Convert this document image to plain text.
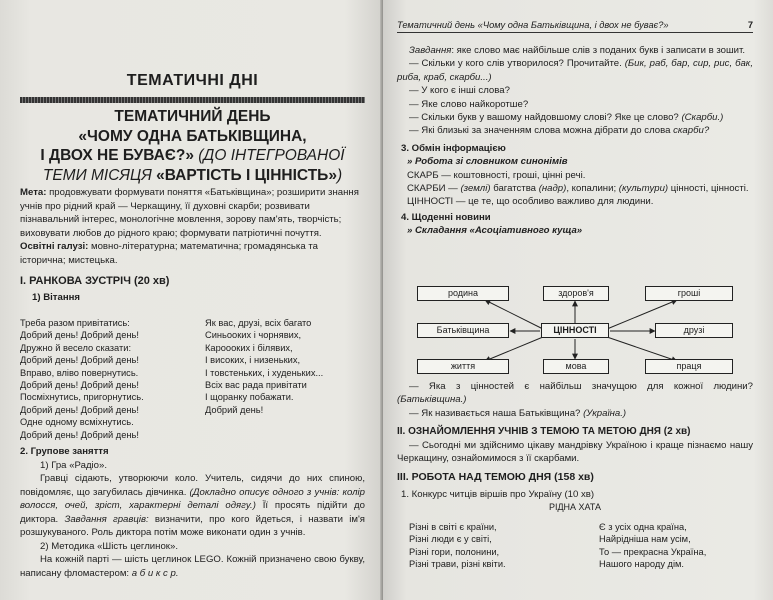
ТЕМАТИЧНІ ДНІ
ТЕМАТИЧНИЙ ДЕНЬ
«ЧОМУ ОДНА БАТЬКІВЩИНА,
І ДВОХ НЕ БУВАЄ?» (ДО ІНТЕГРОВАНОЇ
ТЕМИ МІСЯЦЯ «ВАРТІСТЬ І ЦІННІСТЬ»)

Мета: продовжувати формувати поняття «Батьківщина»; розширити знання учнів про рідний край — Черкащину, її духовні скарби; розвивати пізнавальний інтерес, монологічне мовлення, зорову пам'ять, творчість; виховувати любов до рідного краю; формувати патріотичні почуття.

Освітні галузі: мовно-літературна; математична; громадянська та історична; мистецька.

І. РАНКОВА ЗУСТРІЧ (20 хв)

1) Вітання

Треба разом привітатись:
Добрий день! Добрий день!
Дружно й весело сказати:
Добрий день! Добрий день!
Вправо, вліво повернутись.
Добрий день! Добрий день!
Посміхнутись, пригорнутись.
Добрий день! Добрий день!
Одне одному всміхнутись.
Добрий день! Добрий день!
Як вас, друзі, всіх багато
Синьооких і чорнявих,
Кароооких і білявих,
І високих, і низеньких,
І товстеньких, і худеньких...
Всіх вас рада привітати
І щоранку побажати.
Добрий день!

2. Групове заняття

1) Гра «Радіо».

Гравці сідають, утворюючи коло. Учитель, сидячи до них спиною, повідомляє, що загубилась дівчинка. (Докладно описує одного з учнів: колір волосся, очей, зріст, характерні деталі одягу.) Її просять підійти до диктора. Завдання гравців: визначити, про кого йдеться, і назвати ім'я розшукуваного. Роль диктора потім може виконати один з учнів.

2) Методика «Шість цеглинок».

На кожній парті — шість цеглинок LEGO. Кожній призначено свою букву, написану фломастером: а б и к с р.

Тематичний день «Чому одна Батьківщина, і двох не буває?»	7

Завдання: яке слово має найбільше слів з поданих букв і записати в зошит.

— Скільки у кого слів утворилося? Прочитайте. (Бик, раб, бар, сир, рис, бак, риба, краб, скарби...)

— У кого є інші слова?

— Яке слово найкоротше?

— Скільки букв у вашому найдовшому слові? Яке це слово? (Скарби.)

— Які близькі за значенням слова можна дібрати до слова скарби?

3. Обмін інформацією

» Робота зі словником синонімів

СКАРБ — коштовності, гроші, цінні речі.

СКАРБИ — (землі) багатства (надр), копалини; (культури) цінності, цінності.

ЦІННОСТІ — це те, що особливо важливо для людини.

4. Щоденні новини

» Складання «Асоціативного куща»

родина	здоров'я	гроші
Батьківщина	ЦІННОСТІ	друзі
життя	мова	праця

— Яка з цінностей є найбільш значущою для кожної людини? (Батьківщина.)

— Як називається наша Батьківщина? (Україна.)

ІІ. ОЗНАЙОМЛЕННЯ УЧНІВ З ТЕМОЮ ТА МЕТОЮ ДНЯ (2 хв)

— Сьогодні ми здійснимо цікаву мандрівку Україною і краще пізнаємо нашу Черкащину, ознайомимося з її скарбами.

ІІІ. РОБОТА НАД ТЕМОЮ ДНЯ (158 хв)

1. Конкурс читців віршів про Україну (10 хв)

РІДНА ХАТА

Різні в світі є країни,
Різні люди є у світі,
Різні гори, полонини,
Різні трави, різні квіти.
Є з усіх одна країна,
Найрідніша нам усім,
То — прекрасна Україна,
Нашого народу дім.
